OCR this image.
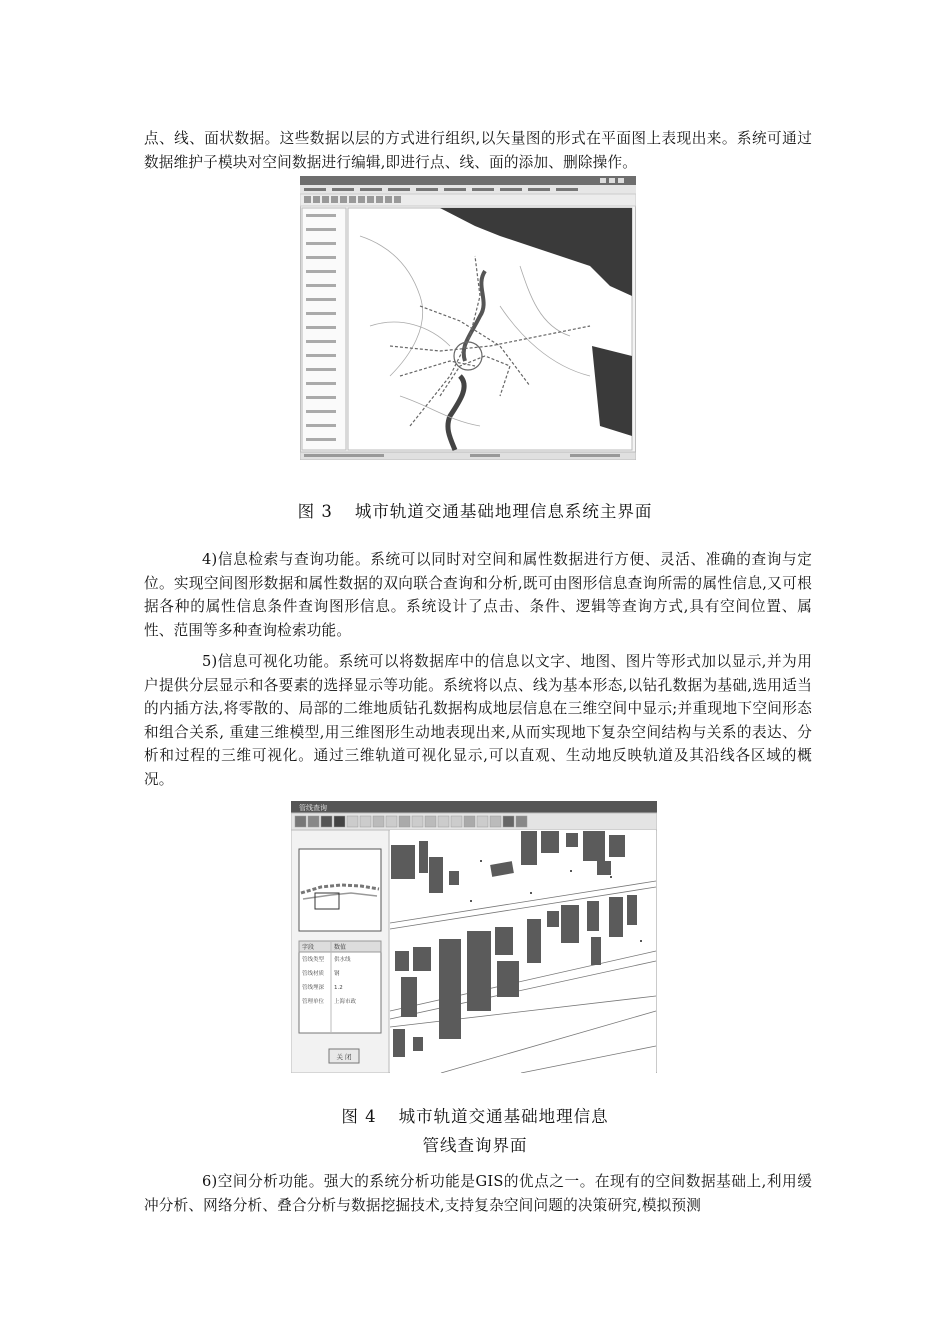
点、线、面状数据。这些数据以层的方式进行组织,以矢量图的形式在平面图上表现出来。系统可通过数据维护子模块对空间数据进行编辑,即进行点、线、面的添加、删除操作。

图 3 城市轨道交通基础地理信息系统主界面

4)信息检索与查询功能。系统可以同时对空间和属性数据进行方便、灵活、准确的查询与定位。实现空间图形数据和属性数据的双向联合查询和分析,既可由图形信息查询所需的属性信息,又可根据各种的属性信息条件查询图形信息。系统设计了点击、条件、逻辑等查询方式,具有空间位置、属性、范围等多种查询检索功能。

5)信息可视化功能。系统可以将数据库中的信息以文字、地图、图片等形式加以显示,并为用户提供分层显示和各要素的选择显示等功能。系统将以点、线为基本形态,以钻孔数据为基础,选用适当的内插方法,将零散的、局部的二维地质钻孔数据构成地层信息在三维空间中显示;并重现地下空间形态和组合关系, 重建三维模型,用三维图形生动地表现出来,从而实现地下复杂空间结构与关系的表达、分析和过程的三维可视化。通过三维轨道可视化显示,可以直观、生动地反映轨道及其沿线各区域的概况。

管线查询
字段	数值
管线类型 供水线
管线材质 钢
管线埋深 1.2
管理单位 上海市政
关 闭

图 4 城市轨道交通基础地理信息

管线查询界面

6)空间分析功能。强大的系统分析功能是GIS的优点之一。在现有的空间数据基础上,利用缓冲分析、网络分析、叠合分析与数据挖掘技术,支持复杂空间问题的决策研究,模拟预测
